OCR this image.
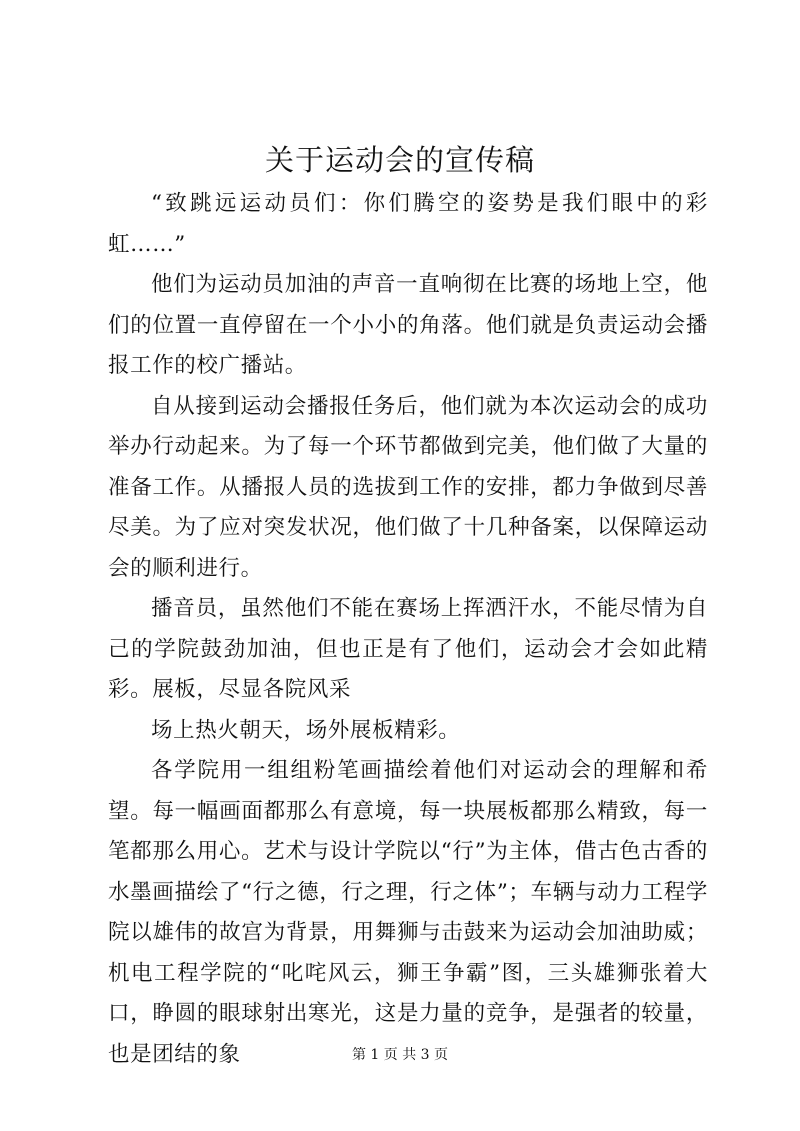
关于运动会的宣传稿

“致跳远运动员们：你们腾空的姿势是我们眼中的彩虹……”

他们为运动员加油的声音一直响彻在比赛的场地上空，他们的位置一直停留在一个小小的角落。他们就是负责运动会播报工作的校广播站。

自从接到运动会播报任务后，他们就为本次运动会的成功举办行动起来。为了每一个环节都做到完美，他们做了大量的准备工作。从播报人员的选拔到工作的安排，都力争做到尽善尽美。为了应对突发状况，他们做了十几种备案，以保障运动会的顺利进行。

播音员，虽然他们不能在赛场上挥洒汗水，不能尽情为自己的学院鼓劲加油，但也正是有了他们，运动会才会如此精彩。展板，尽显各院风采

场上热火朝天，场外展板精彩。

各学院用一组组粉笔画描绘着他们对运动会的理解和希望。每一幅画面都那么有意境，每一块展板都那么精致，每一笔都那么用心。艺术与设计学院以“行”为主体，借古色古香的水墨画描绘了“行之德，行之理，行之体”；车辆与动力工程学院以雄伟的故宫为背景，用舞狮与击鼓来为运动会加油助威；机电工程学院的“叱咤风云，狮王争霸”图，三头雄狮张着大口，睁圆的眼球射出寒光，这是力量的竞争，是强者的较量，也是团结的象	第 1 页 共 3 页
